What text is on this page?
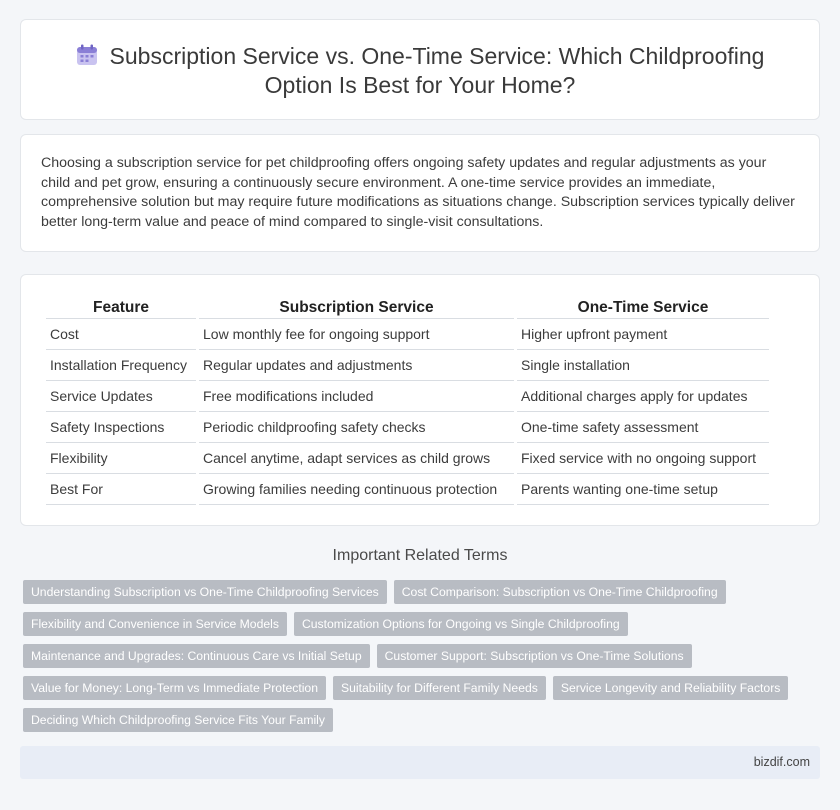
Subscription Service vs. One-Time Service: Which Childproofing
Option Is Best for Your Home?

Choosing a subscription service for pet childproofing offers ongoing safety updates and regular adjustments as your child and pet grow, ensuring a continuously secure environment. A one-time service provides an immediate, comprehensive solution but may require future modifications as situations change. Subscription services typically deliver better long-term value and peace of mind compared to single-visit consultations.

Feature	Subscription Service	One-Time Service
Cost	Low monthly fee for ongoing support	Higher upfront payment
Installation Frequency	Regular updates and adjustments	Single installation
Service Updates	Free modifications included	Additional charges apply for updates
Safety Inspections	Periodic childproofing safety checks	One-time safety assessment
Flexibility	Cancel anytime, adapt services as child grows	Fixed service with no ongoing support
Best For	Growing families needing continuous protection	Parents wanting one-time setup
Important Related Terms
Understanding Subscription vs One-Time Childproofing Services	Cost Comparison: Subscription vs One-Time Childproofing
Flexibility and Convenience in Service Models	Customization Options for Ongoing vs Single Childproofing
Maintenance and Upgrades: Continuous Care vs Initial Setup	Customer Support: Subscription vs One-Time Solutions
Value for Money: Long-Term vs Immediate Protection	Suitability for Different Family Needs	Service Longevity and Reliability Factors
Deciding Which Childproofing Service Fits Your Family
bizdif.com
